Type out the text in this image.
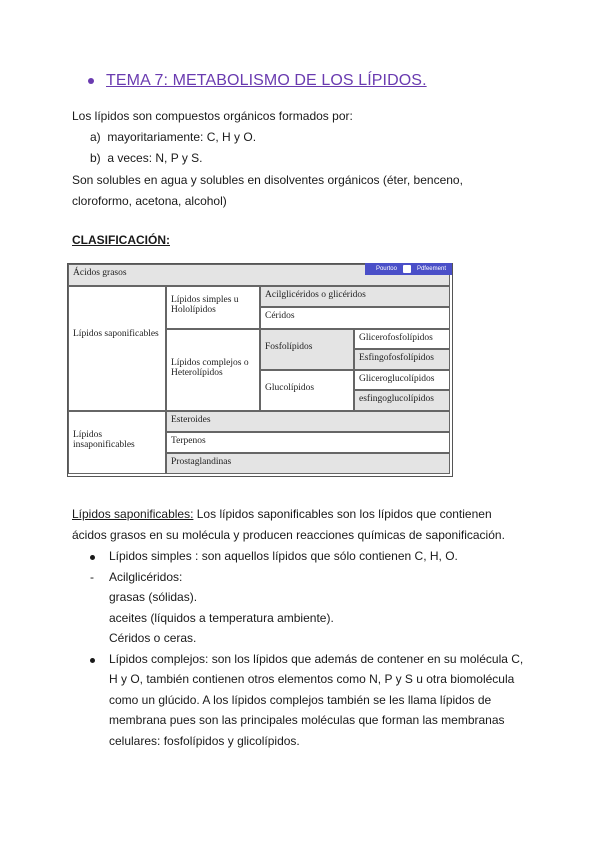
TEMA 7: METABOLISMO DE LOS LÍPIDOS.
Los lípidos son compuestos orgánicos formados por:
a) mayoritariamente: C, H y O.
b) a veces: N, P y S.
Son solubles en agua y solubles en disolventes orgánicos (éter, benceno,
cloroformo, acetona, alcohol)
CLASIFICACIÓN:
Ácidos grasos
Lípidos saponificables
Lípidos simples u Hololípidos
Acilglicéridos o glicéridos
Céridos
Lípidos complejos o Heterolípidos
Fosfolípidos
Glicerofosfolípidos
Esfingofosfolípidos
Glucolípidos
Gliceroglucolípidos
esfingoglucolípidos
Lípidos insaponificables
Esteroides
Terpenos
Prostaglandinas
Pourtoo	Pdfeement
Lípidos saponificables: Los lípidos saponificables son los lípidos que contienen
ácidos grasos en su molécula y producen reacciones químicas de saponificación.
Lípidos simples : son aquellos lípidos que sólo contienen C, H, O.
- Acilglicéridos:
grasas (sólidas).
aceites (líquidos a temperatura ambiente).
Céridos o ceras.
Lípidos complejos: son los lípidos que además de contener en su molécula C,
H y O, también contienen otros elementos como N, P y S u otra biomolécula
como un glúcido. A los lípidos complejos también se les llama lípidos de
membrana pues son las principales moléculas que forman las membranas
celulares: fosfolípidos y glicolípidos.
